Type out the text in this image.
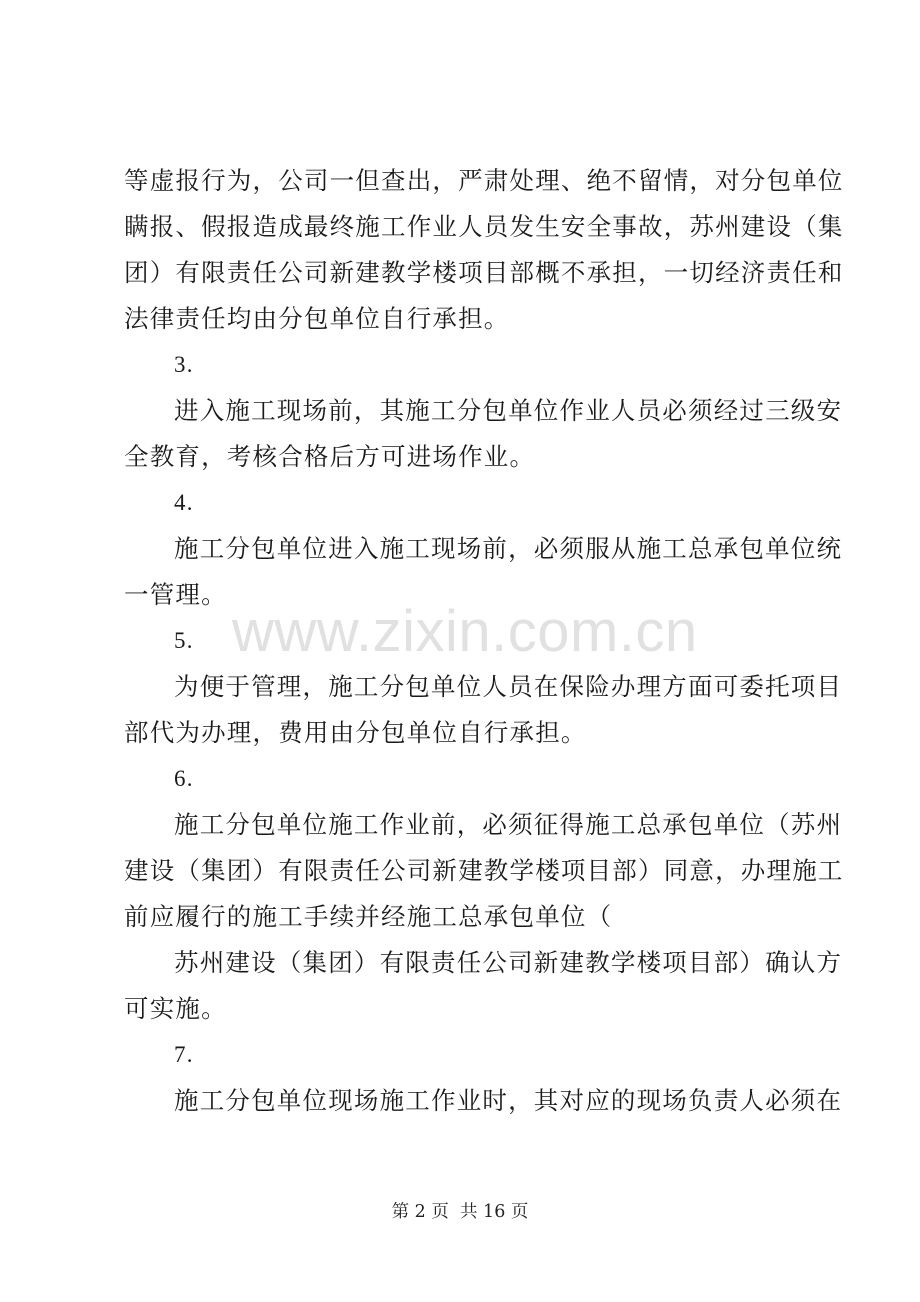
等虚报行为，公司一但查出，严肃处理、绝不留情，对分包单位
瞒报、假报造成最终施工作业人员发生安全事故，苏州建设（集
团）有限责任公司新建教学楼项目部概不承担，一切经济责任和
法律责任均由分包单位自行承担。
3.
进入施工现场前，其施工分包单位作业人员必须经过三级安
全教育，考核合格后方可进场作业。
4.
施工分包单位进入施工现场前，必须服从施工总承包单位统
一管理。
5.
为便于管理，施工分包单位人员在保险办理方面可委托项目
部代为办理，费用由分包单位自行承担。
6.
施工分包单位施工作业前，必须征得施工总承包单位（苏州
建设（集团）有限责任公司新建教学楼项目部）同意，办理施工
前应履行的施工手续并经施工总承包单位（
苏州建设（集团）有限责任公司新建教学楼项目部）确认方
可实施。
7.
施工分包单位现场施工作业时，其对应的现场负责人必须在
www.zixin.com.cn
第 2 页  共 16 页
